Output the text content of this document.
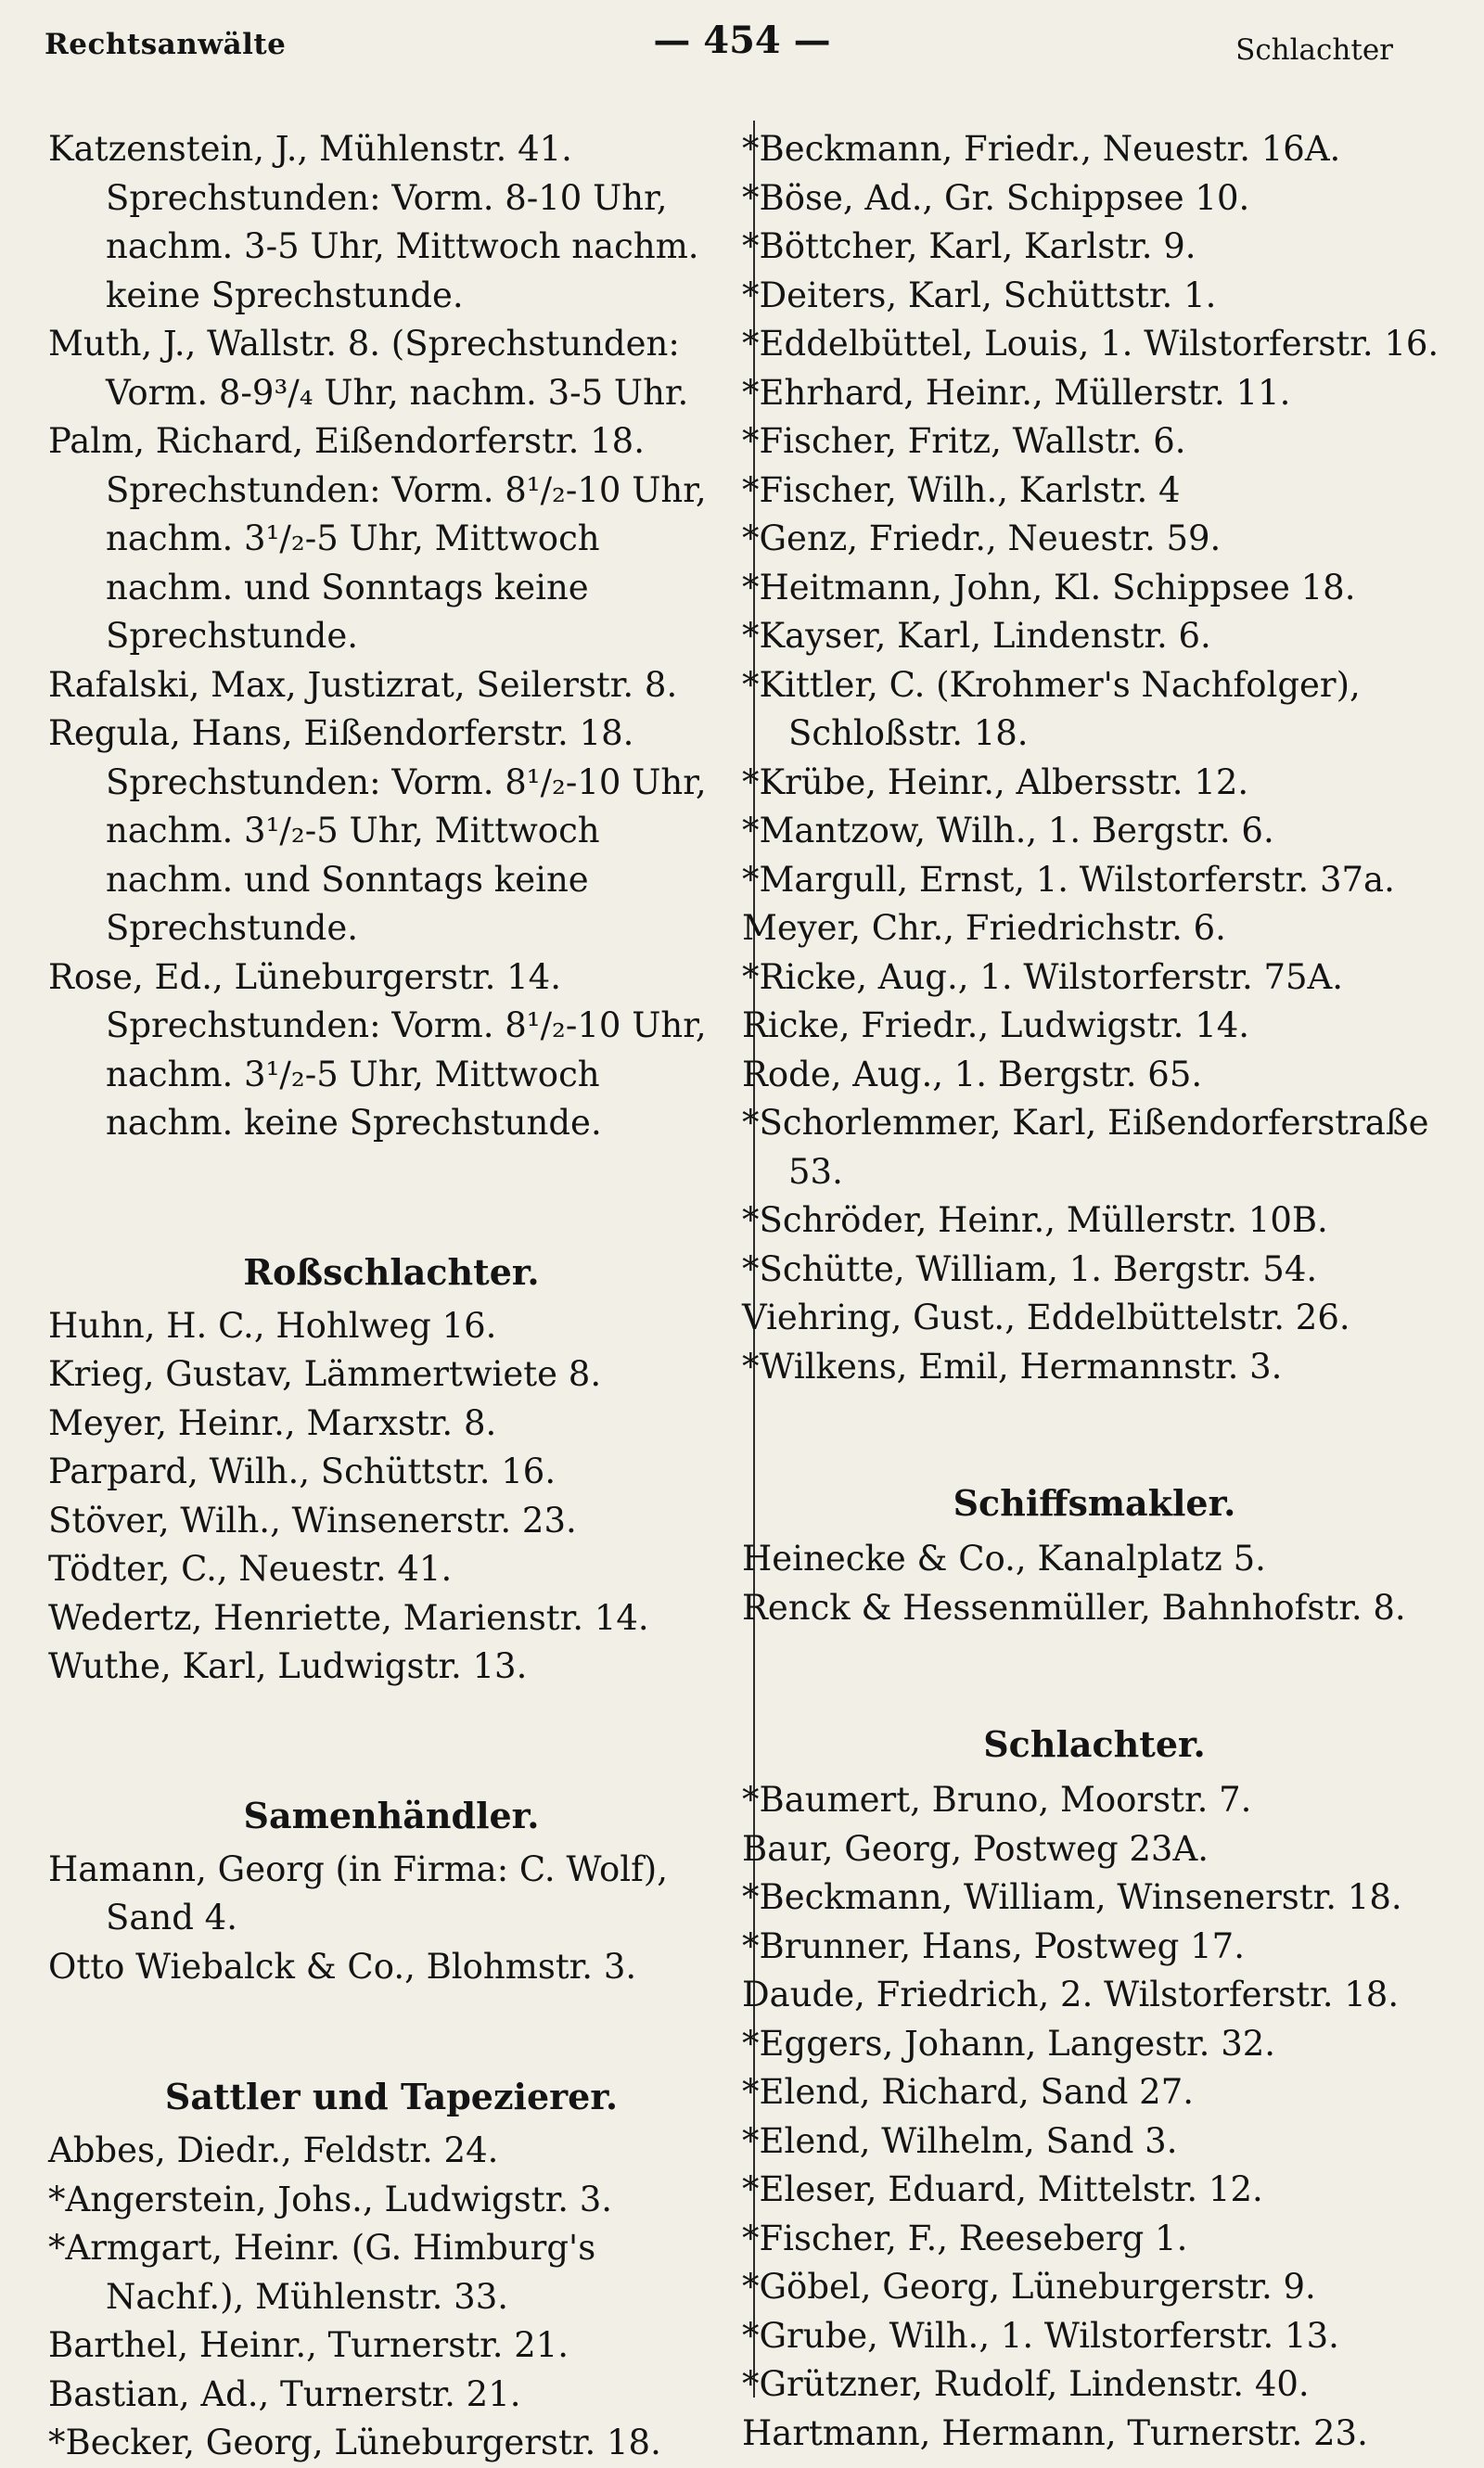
Rechtsanwälte	— 454 —	Schlachter
Katzenstein, J., Mühlenstr. 41. Sprechstunden: Vorm. 8-10 Uhr, nachm. 3-5 Uhr, Mittwoch nachm. keine Sprechstunde.
Muth, J., Wallstr. 8. (Sprechstunden: Vorm. 8-9³/₄ Uhr, nachm. 3-5 Uhr.
Palm, Richard, Eißendorferstr. 18. Sprechstunden: Vorm. 8¹/₂-10 Uhr, nachm. 3¹/₂-5 Uhr, Mittwoch nachm. und Sonntags keine Sprechstunde.
Rafalski, Max, Justizrat, Seilerstr. 8.
Regula, Hans, Eißendorferstr. 18. Sprechstunden: Vorm. 8¹/₂-10 Uhr, nachm. 3¹/₂-5 Uhr, Mittwoch nachm. und Sonntags keine Sprechstunde.
Rose, Ed., Lüneburgerstr. 14. Sprechstunden: Vorm. 8¹/₂-10 Uhr, nachm. 3¹/₂-5 Uhr, Mittwoch nachm. keine Sprechstunde.
Roßschlachter.
Huhn, H. C., Hohlweg 16.
Krieg, Gustav, Lämmertwiete 8.
Meyer, Heinr., Marxstr. 8.
Parpard, Wilh., Schüttstr. 16.
Stöver, Wilh., Winsenerstr. 23.
Tödter, C., Neuestr. 41.
Wedertz, Henriette, Marienstr. 14.
Wuthe, Karl, Ludwigstr. 13.
Samenhändler.
Hamann, Georg (in Firma: C. Wolf), Sand 4.
Otto Wiebalck & Co., Blohmstr. 3.
Sattler und Tapezierer.
Abbes, Diedr., Feldstr. 24.
*Angerstein, Johs., Ludwigstr. 3.
*Armgart, Heinr. (G. Himburg's Nachf.), Mühlenstr. 33.
Barthel, Heinr., Turnerstr. 21.
Bastian, Ad., Turnerstr. 21.
*Becker, Georg, Lüneburgerstr. 18.
*Beckmann, Friedr., Neuestr. 16A.
*Böse, Ad., Gr. Schippsee 10.
*Böttcher, Karl, Karlstr. 9.
*Deiters, Karl, Schüttstr. 1.
*Eddelbüttel, Louis, 1. Wilstorferstr. 16.
*Ehrhard, Heinr., Müllerstr. 11.
*Fischer, Fritz, Wallstr. 6.
*Fischer, Wilh., Karlstr. 4
*Genz, Friedr., Neuestr. 59.
*Heitmann, John, Kl. Schippsee 18.
*Kayser, Karl, Lindenstr. 6.
*Kittler, C. (Krohmer's Nachfolger), Schloßstr. 18.
*Krübe, Heinr., Albersstr. 12.
*Mantzow, Wilh., 1. Bergstr. 6.
*Margull, Ernst, 1. Wilstorferstr. 37a.
Meyer, Chr., Friedrichstr. 6.
*Ricke, Aug., 1. Wilstorferstr. 75A.
Ricke, Friedr., Ludwigstr. 14.
Rode, Aug., 1. Bergstr. 65.
*Schorlemmer, Karl, Eißendorferstraße 53.
*Schröder, Heinr., Müllerstr. 10B.
*Schütte, William, 1. Bergstr. 54.
Viehring, Gust., Eddelbüttelstr. 26.
*Wilkens, Emil, Hermannstr. 3.
Schiffsmakler.
Heinecke & Co., Kanalplatz 5.
Renck & Hessenmüller, Bahnhofstr. 8.
Schlachter.
*Baumert, Bruno, Moorstr. 7.
Baur, Georg, Postweg 23A.
*Beckmann, William, Winsenerstr. 18.
*Brunner, Hans, Postweg 17.
Daude, Friedrich, 2. Wilstorferstr. 18.
*Eggers, Johann, Langestr. 32.
*Elend, Richard, Sand 27.
*Elend, Wilhelm, Sand 3.
*Eleser, Eduard, Mittelstr. 12.
*Fischer, F., Reeseberg 1.
*Göbel, Georg, Lüneburgerstr. 9.
*Grube, Wilh., 1. Wilstorferstr. 13.
*Grützner, Rudolf, Lindenstr. 40.
Hartmann, Hermann, Turnerstr. 23.
